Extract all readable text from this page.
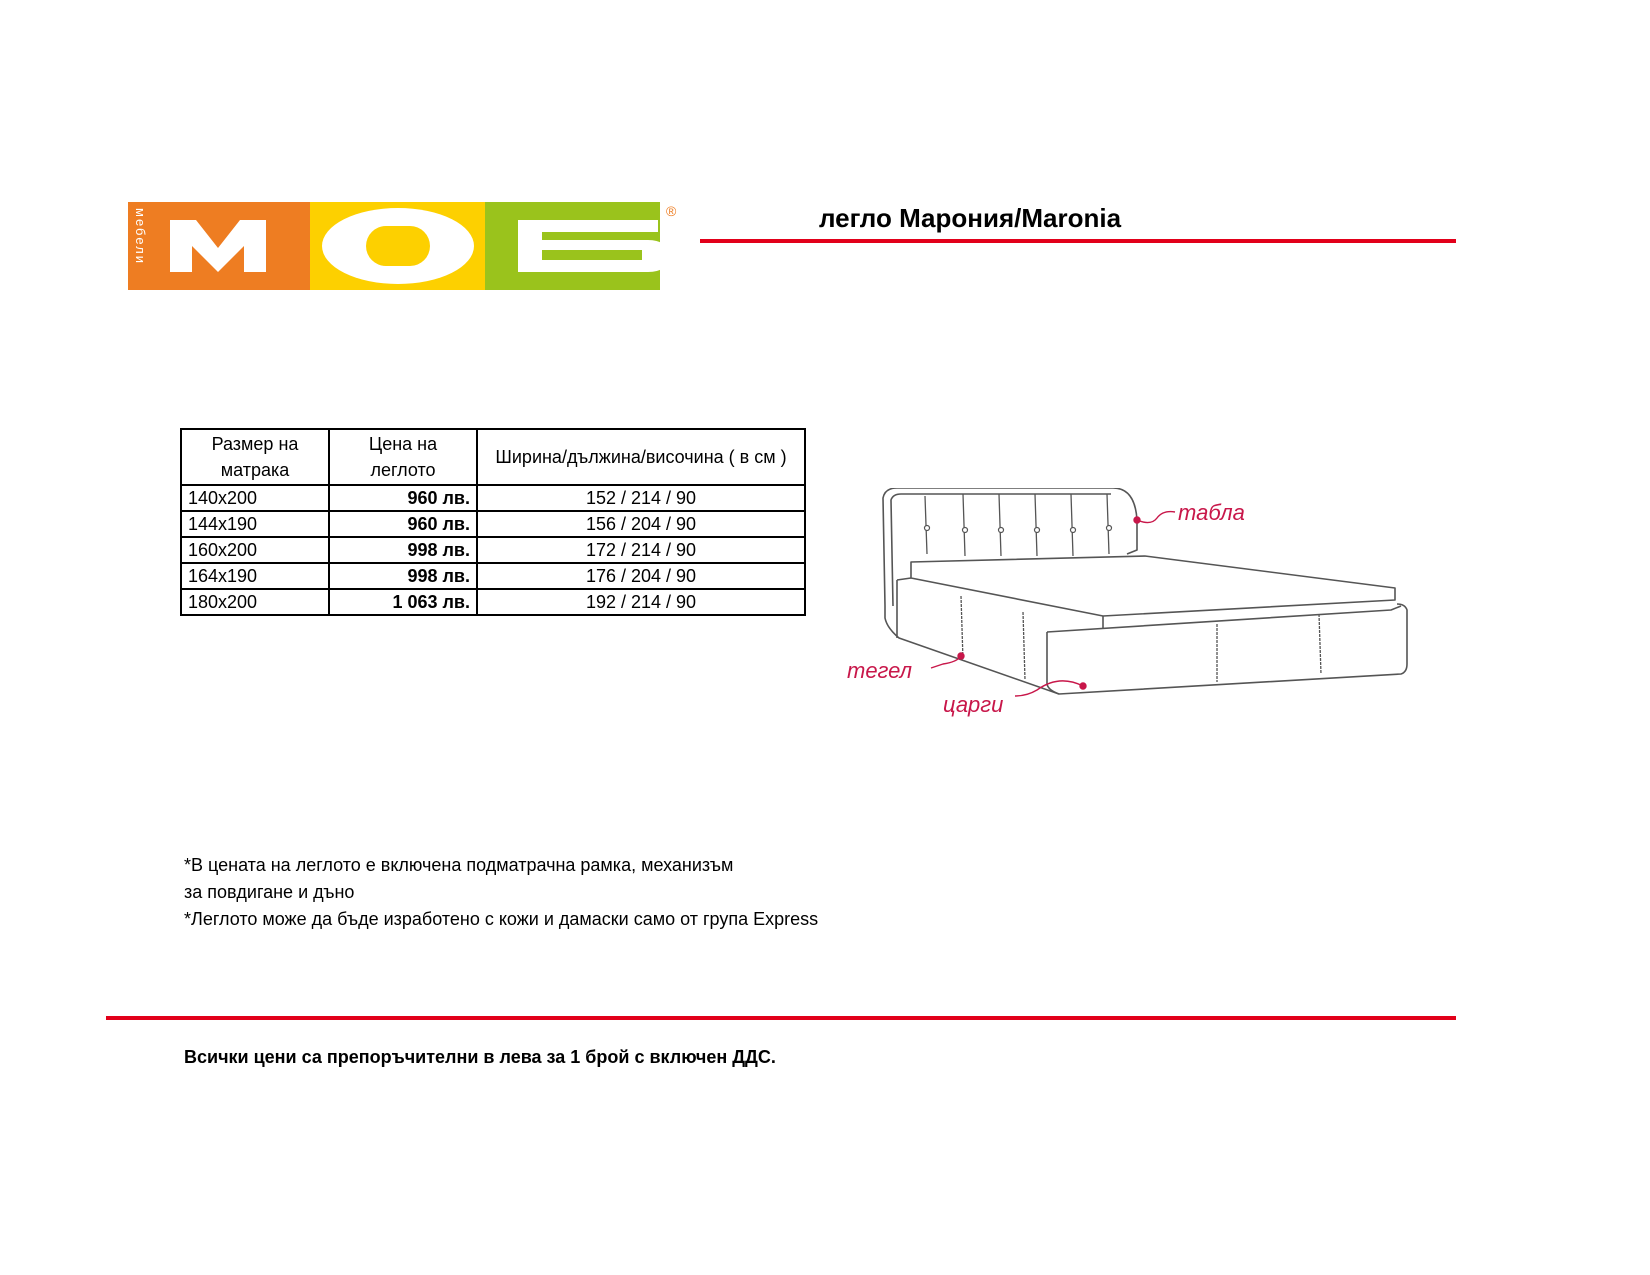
мебели	®	легло Марония/Maronia
Размер на матрака	Цена на леглото	Ширина/дължина/височина ( в см )
140x200	960 лв.	152 / 214 / 90
144x190	960 лв.	156 / 204 / 90
160x200	998 лв.	172 / 214 / 90
164x190	998 лв.	176 / 204 / 90
180x200	1 063 лв.	192 / 214 / 90
табла
тегел
царги

*В цената на леглото е включена подматрачна рамка, механизъм

за повдигане и дъно

*Леглото може да бъде изработено с кожи и дамаски само от група Express

Всички цени са препоръчителни в лева за 1 брой с включен ДДС.
